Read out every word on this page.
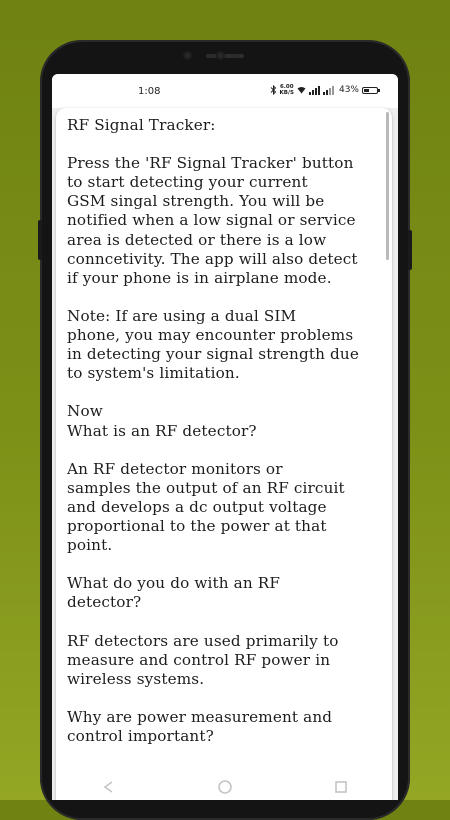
1:08	6.00
KB/S	43%

RF Signal Tracker:

Press the 'RF Signal Tracker' button
to start detecting your current
GSM singal strength. You will be
notified when a low signal or service
area is detected or there is a low
conncetivity. The app will also detect
if your phone is in airplane mode.

Note: If are using a dual SIM
phone, you may encounter problems
in detecting your signal strength due
to system's limitation.

Now
What is an RF detector?

An RF detector monitors or
samples the output of an RF circuit
and develops a dc output voltage
proportional to the power at that
point.

What do you do with an RF
detector?

RF detectors are used primarily to
measure and control RF power in
wireless systems.

Why are power measurement and
control important?
